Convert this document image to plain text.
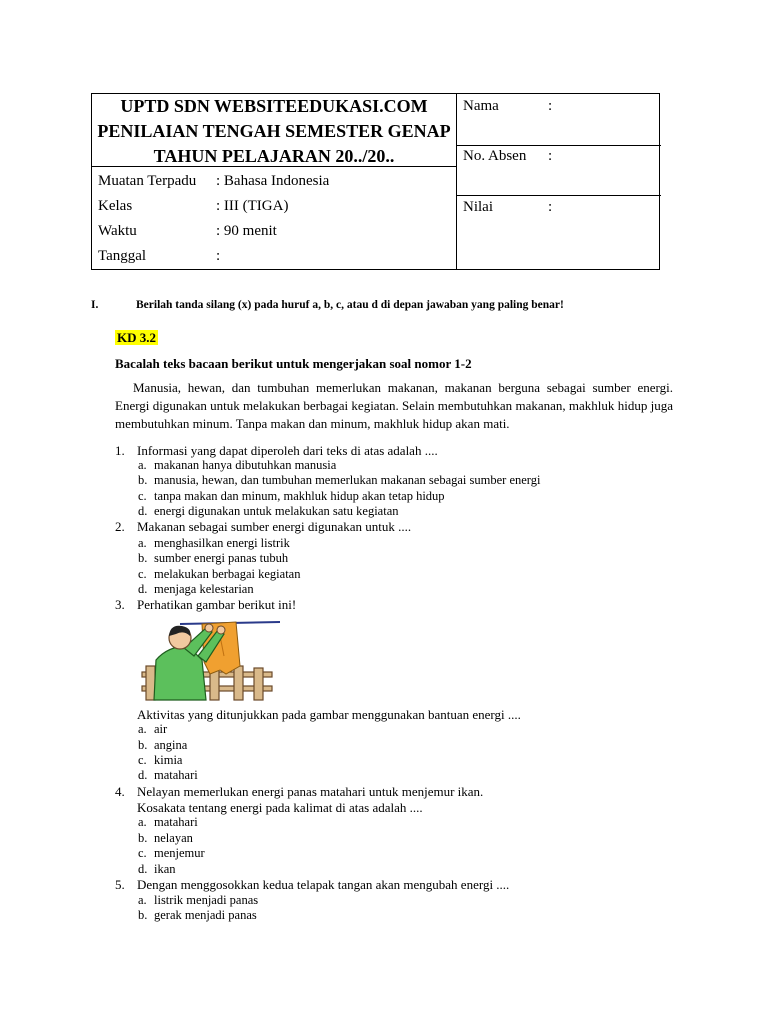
UPTD SDN WEBSITEEDUKASI.COM
PENILAIAN TENGAH SEMESTER GENAP
TAHUN PELAJARAN 20../20..
Muatan Terpadu : Bahasa Indonesia
Kelas	: III (TIGA)
Waktu	: 90 menit
Tanggal	:
Nama	:
No. Absen :
Nilai	:
I.	Berilah tanda silang (x) pada huruf a, b, c, atau d di depan jawaban yang paling benar!
KD 3.2
Bacalah teks bacaan berikut untuk mengerjakan soal nomor 1-2
Manusia, hewan, dan tumbuhan memerlukan makanan, makanan berguna sebagai sumber energi. Energi digunakan untuk melakukan berbagai kegiatan. Selain membutuhkan makanan, makhluk hidup juga membutuhkan minum. Tanpa makan dan minum, makhluk hidup akan mati.
1. Informasi yang dapat diperoleh dari teks di atas adalah ....
a. makanan hanya dibutuhkan manusia
b. manusia, hewan, dan tumbuhan memerlukan makanan sebagai sumber energi
c. tanpa makan dan minum, makhluk hidup akan tetap hidup
d. energi digunakan untuk melakukan satu kegiatan
2. Makanan sebagai sumber energi digunakan untuk ....
a. menghasilkan energi listrik
b. sumber energi panas tubuh
c. melakukan berbagai kegiatan
d. menjaga kelestarian
3. Perhatikan gambar berikut ini!
Aktivitas yang ditunjukkan pada gambar menggunakan bantuan energi ....
a. air
b. angina
c. kimia
d. matahari
4. Nelayan memerlukan energi panas matahari untuk menjemur ikan.
Kosakata tentang energi pada kalimat di atas adalah ....
a. matahari
b. nelayan
c. menjemur
d. ikan
5. Dengan menggosokkan kedua telapak tangan akan mengubah energi ....
a. listrik menjadi panas
b. gerak menjadi panas
